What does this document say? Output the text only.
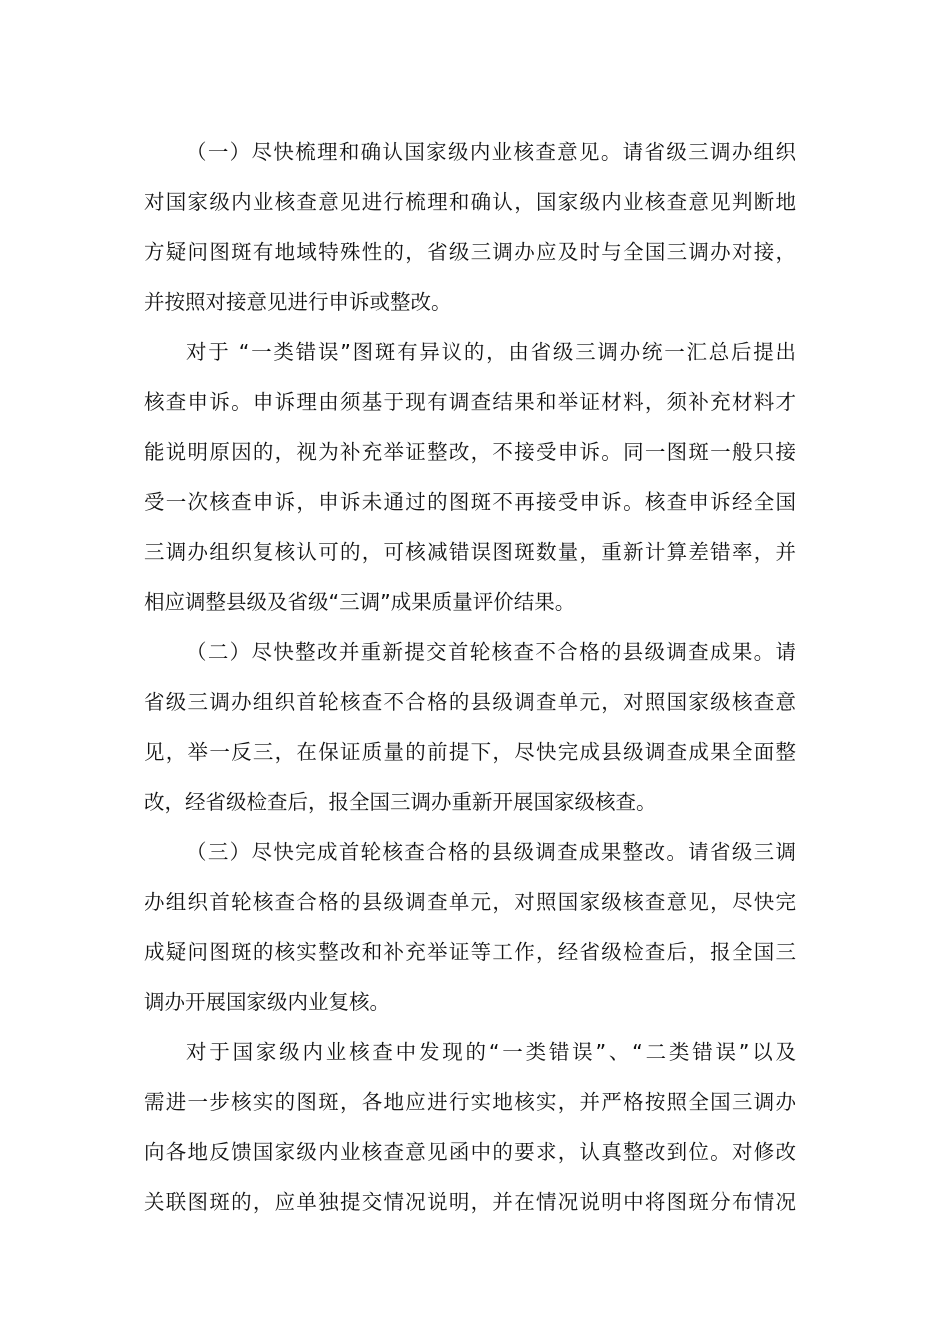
（一）尽快梳理和确认国家级内业核查意见。请省级三调办组织
对国家级内业核查意见进行梳理和确认，国家级内业核查意见判断地
方疑问图斑有地域特殊性的，省级三调办应及时与全国三调办对接，
并按照对接意见进行申诉或整改。
对于 “一类错误”图斑有异议的，由省级三调办统一汇总后提出
核查申诉。申诉理由须基于现有调查结果和举证材料，须补充材料才
能说明原因的，视为补充举证整改，不接受申诉。同一图斑一般只接
受一次核查申诉，申诉未通过的图斑不再接受申诉。核查申诉经全国
三调办组织复核认可的，可核减错误图斑数量，重新计算差错率，并
相应调整县级及省级“三调”成果质量评价结果。
（二）尽快整改并重新提交首轮核查不合格的县级调查成果。请
省级三调办组织首轮核查不合格的县级调查单元，对照国家级核查意
见，举一反三，在保证质量的前提下，尽快完成县级调查成果全面整
改，经省级检查后，报全国三调办重新开展国家级核查。
（三）尽快完成首轮核查合格的县级调查成果整改。请省级三调
办组织首轮核查合格的县级调查单元，对照国家级核查意见，尽快完
成疑问图斑的核实整改和补充举证等工作，经省级检查后，报全国三
调办开展国家级内业复核。
对于国家级内业核查中发现的“一类错误”、“二类错误”以及
需进一步核实的图斑，各地应进行实地核实，并严格按照全国三调办
向各地反馈国家级内业核查意见函中的要求，认真整改到位。对修改
关联图斑的，应单独提交情况说明，并在情况说明中将图斑分布情况
